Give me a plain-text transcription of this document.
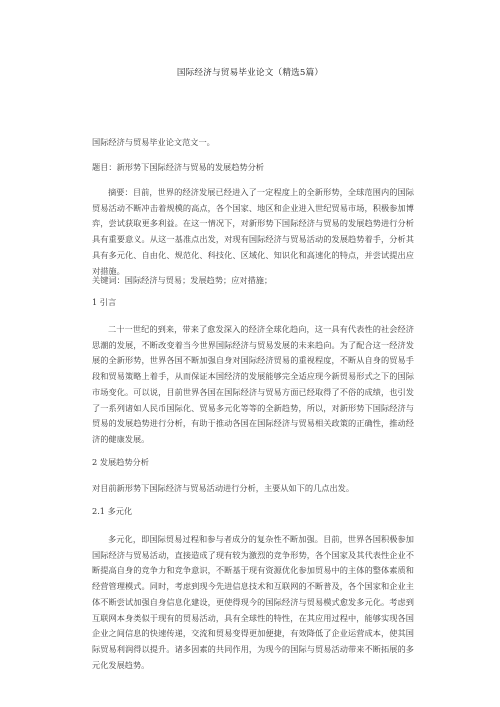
国际经济与贸易毕业论文（精选5篇）

国际经济与贸易毕业论文范文一。

题目：新形势下国际经济与贸易的发展趋势分析

摘要：目前，世界的经济发展已经进入了一定程度上的全新形势，全球范围内的国际贸易活动不断冲击着规模的高点，各个国家、地区和企业进入世纪贸易市场，积极参加博弈，尝试获取更多利益。在这一情况下，对新形势下国际经济与贸易的发展趋势进行分析具有重要意义。从这一基准点出发，对现有国际经济与贸易活动的发展趋势着手，分析其具有多元化、自由化、规范化、科技化、区域化、知识化和高速化的特点，并尝试提出应对措施。

关键词：国际经济与贸易；发展趋势；应对措施；

1 引言

二十一世纪的到来，带来了愈发深入的经济全球化趋向，这一具有代表性的社会经济思潮的发展，不断改变着当今世界国际经济与贸易发展的未来趋向。为了配合这一经济发展的全新形势，世界各国不断加强自身对国际经济贸易的重视程度，不断从自身的贸易手段和贸易策略上着手，从而保证本国经济的发展能够完全适应现今新贸易形式之下的国际市场变化。可以说，目前世界各国在国际经济与贸易方面已经取得了不俗的成绩，也引发了一系列诸如人民币国际化、贸易多元化等等的全新趋势，所以，对新形势下国际经济与贸易的发展趋势进行分析，有助于推动各国在国际经济与贸易相关政策的正确性，推动经济的健康发展。

2 发展趋势分析

对目前新形势下国际经济与贸易活动进行分析，主要从如下的几点出发。

2.1 多元化

多元化，即国际贸易过程和参与者成分的复杂性不断加强。目前，世界各国积极参加国际经济与贸易活动，直接造成了现有较为激烈的竞争形势，各个国家及其代表性企业不断提高自身的竞争力和竞争意识，不断基于现有资源优化参加贸易中的主体的整体素质和经营管理模式。同时，考虑到现今先进信息技术和互联网的不断普及，各个国家和企业主体不断尝试加强自身信息化建设，更使得现今的国际经济与贸易模式愈发多元化。考虑到互联网本身类似于现有的贸易活动，具有全球性的特性，在其应用过程中，能够实现各国企业之间信息的快速传递，交流和贸易变得更加便捷，有效降低了企业运营成本，使其国际贸易利润得以提升。诸多因素的共同作用，为现今的国际与贸易活动带来不断拓展的多元化发展趋势。
